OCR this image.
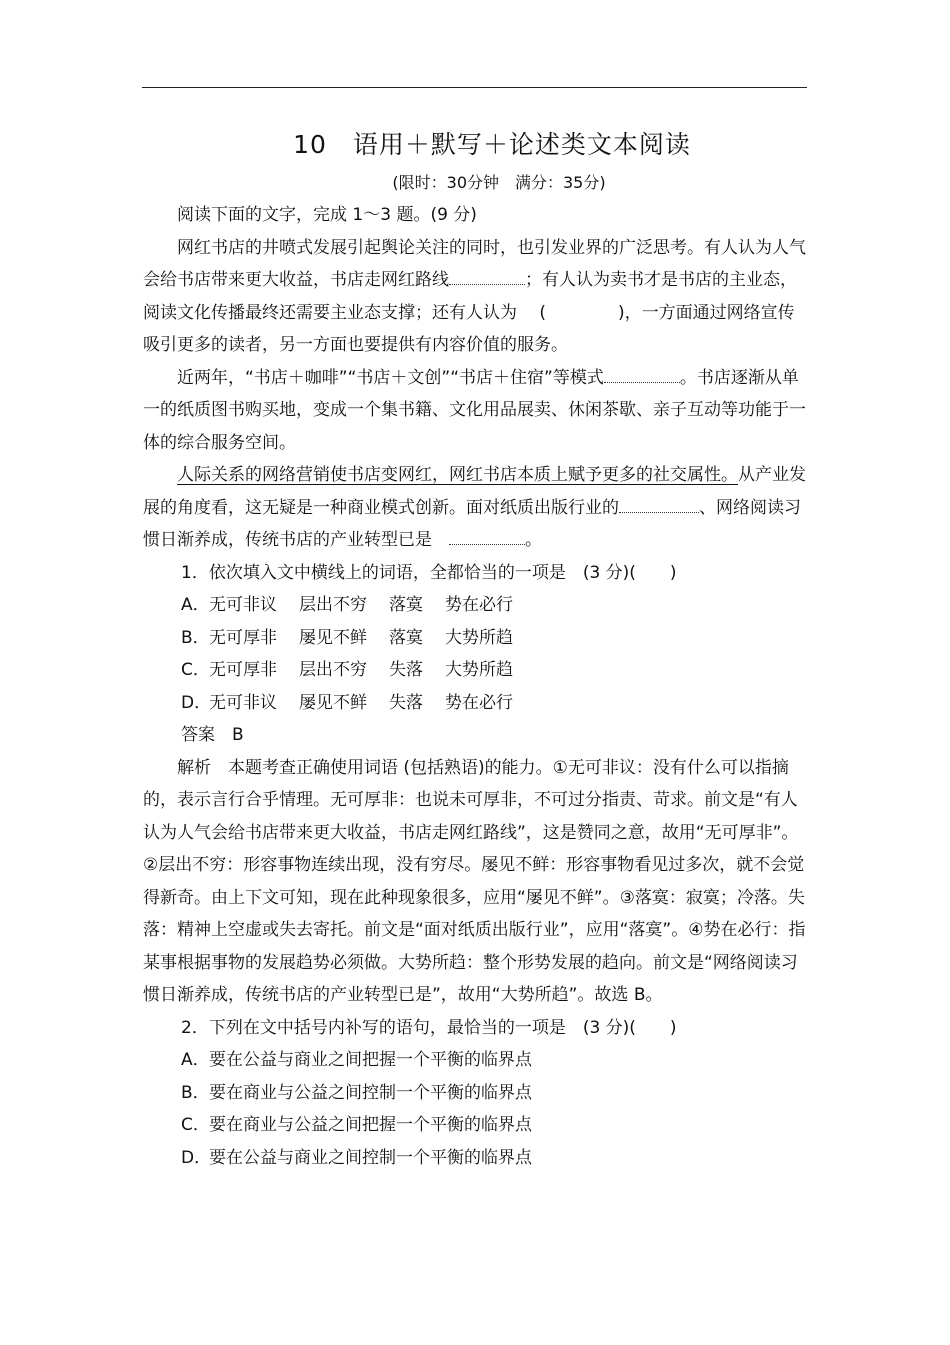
10　语用＋默写＋论述类文本阅读
(限时：30分钟　满分：35分)

阅读下面的文字，完成 1～3 题。(9 分)

网红书店的井喷式发展引起舆论关注的同时，也引发业界的广泛思考。有人认为人气会给书店带来更大收益，书店走网红路线	；有人认为卖书才是书店的主业态，阅读文化传播最终还需要主业态支撑；还有人认为　 (	)，一方面通过网络宣传吸引更多的读者，另一方面也要提供有内容价值的服务。

近两年，“书店＋咖啡”“书店＋文创”“书店＋住宿”等模式	。书店逐渐从单一的纸质图书购买地，变成一个集书籍、文化用品展卖、休闲茶歇、亲子互动等功能于一体的综合服务空间。

人际关系的网络营销使书店变网红，网红书店本质上赋予更多的社交属性。从产业发展的角度看，这无疑是一种商业模式创新。面对纸质出版行业的	、网络阅读习惯日渐养成，传统书店的产业转型已是　	。

1．依次填入文中横线上的词语，全都恰当的一项是　(3 分)(　　)
A．无可非议 层出不穷 落寞 势在必行
B．无可厚非 屡见不鲜 落寞 大势所趋
C．无可厚非 层出不穷 失落 大势所趋
D．无可非议 屡见不鲜 失落 势在必行
答案　 B

解析　 本题考查正确使用词语 (包括熟语)的能力。①无可非议：没有什么可以指摘的，表示言行合乎情理。无可厚非：也说未可厚非，不可过分指责、苛求。前文是“有人认为人气会给书店带来更大收益，书店走网红路线”，这是赞同之意，故用“无可厚非”。②层出不穷：形容事物连续出现，没有穷尽。屡见不鲜：形容事物看见过多次，就不会觉得新奇。由上下文可知，现在此种现象很多，应用“屡见不鲜”。③落寞：寂寞；冷落。失落：精神上空虚或失去寄托。前文是“面对纸质出版行业”，应用“落寞”。④势在必行：指某事根据事物的发展趋势必须做。大势所趋：整个形势发展的趋向。前文是“网络阅读习惯日渐养成，传统书店的产业转型已是”，故用“大势所趋”。故选 B。

2．下列在文中括号内补写的语句，最恰当的一项是　(3 分)(　　)
A．要在公益与商业之间把握一个平衡的临界点
B．要在商业与公益之间控制一个平衡的临界点
C．要在商业与公益之间把握一个平衡的临界点
D．要在公益与商业之间控制一个平衡的临界点
